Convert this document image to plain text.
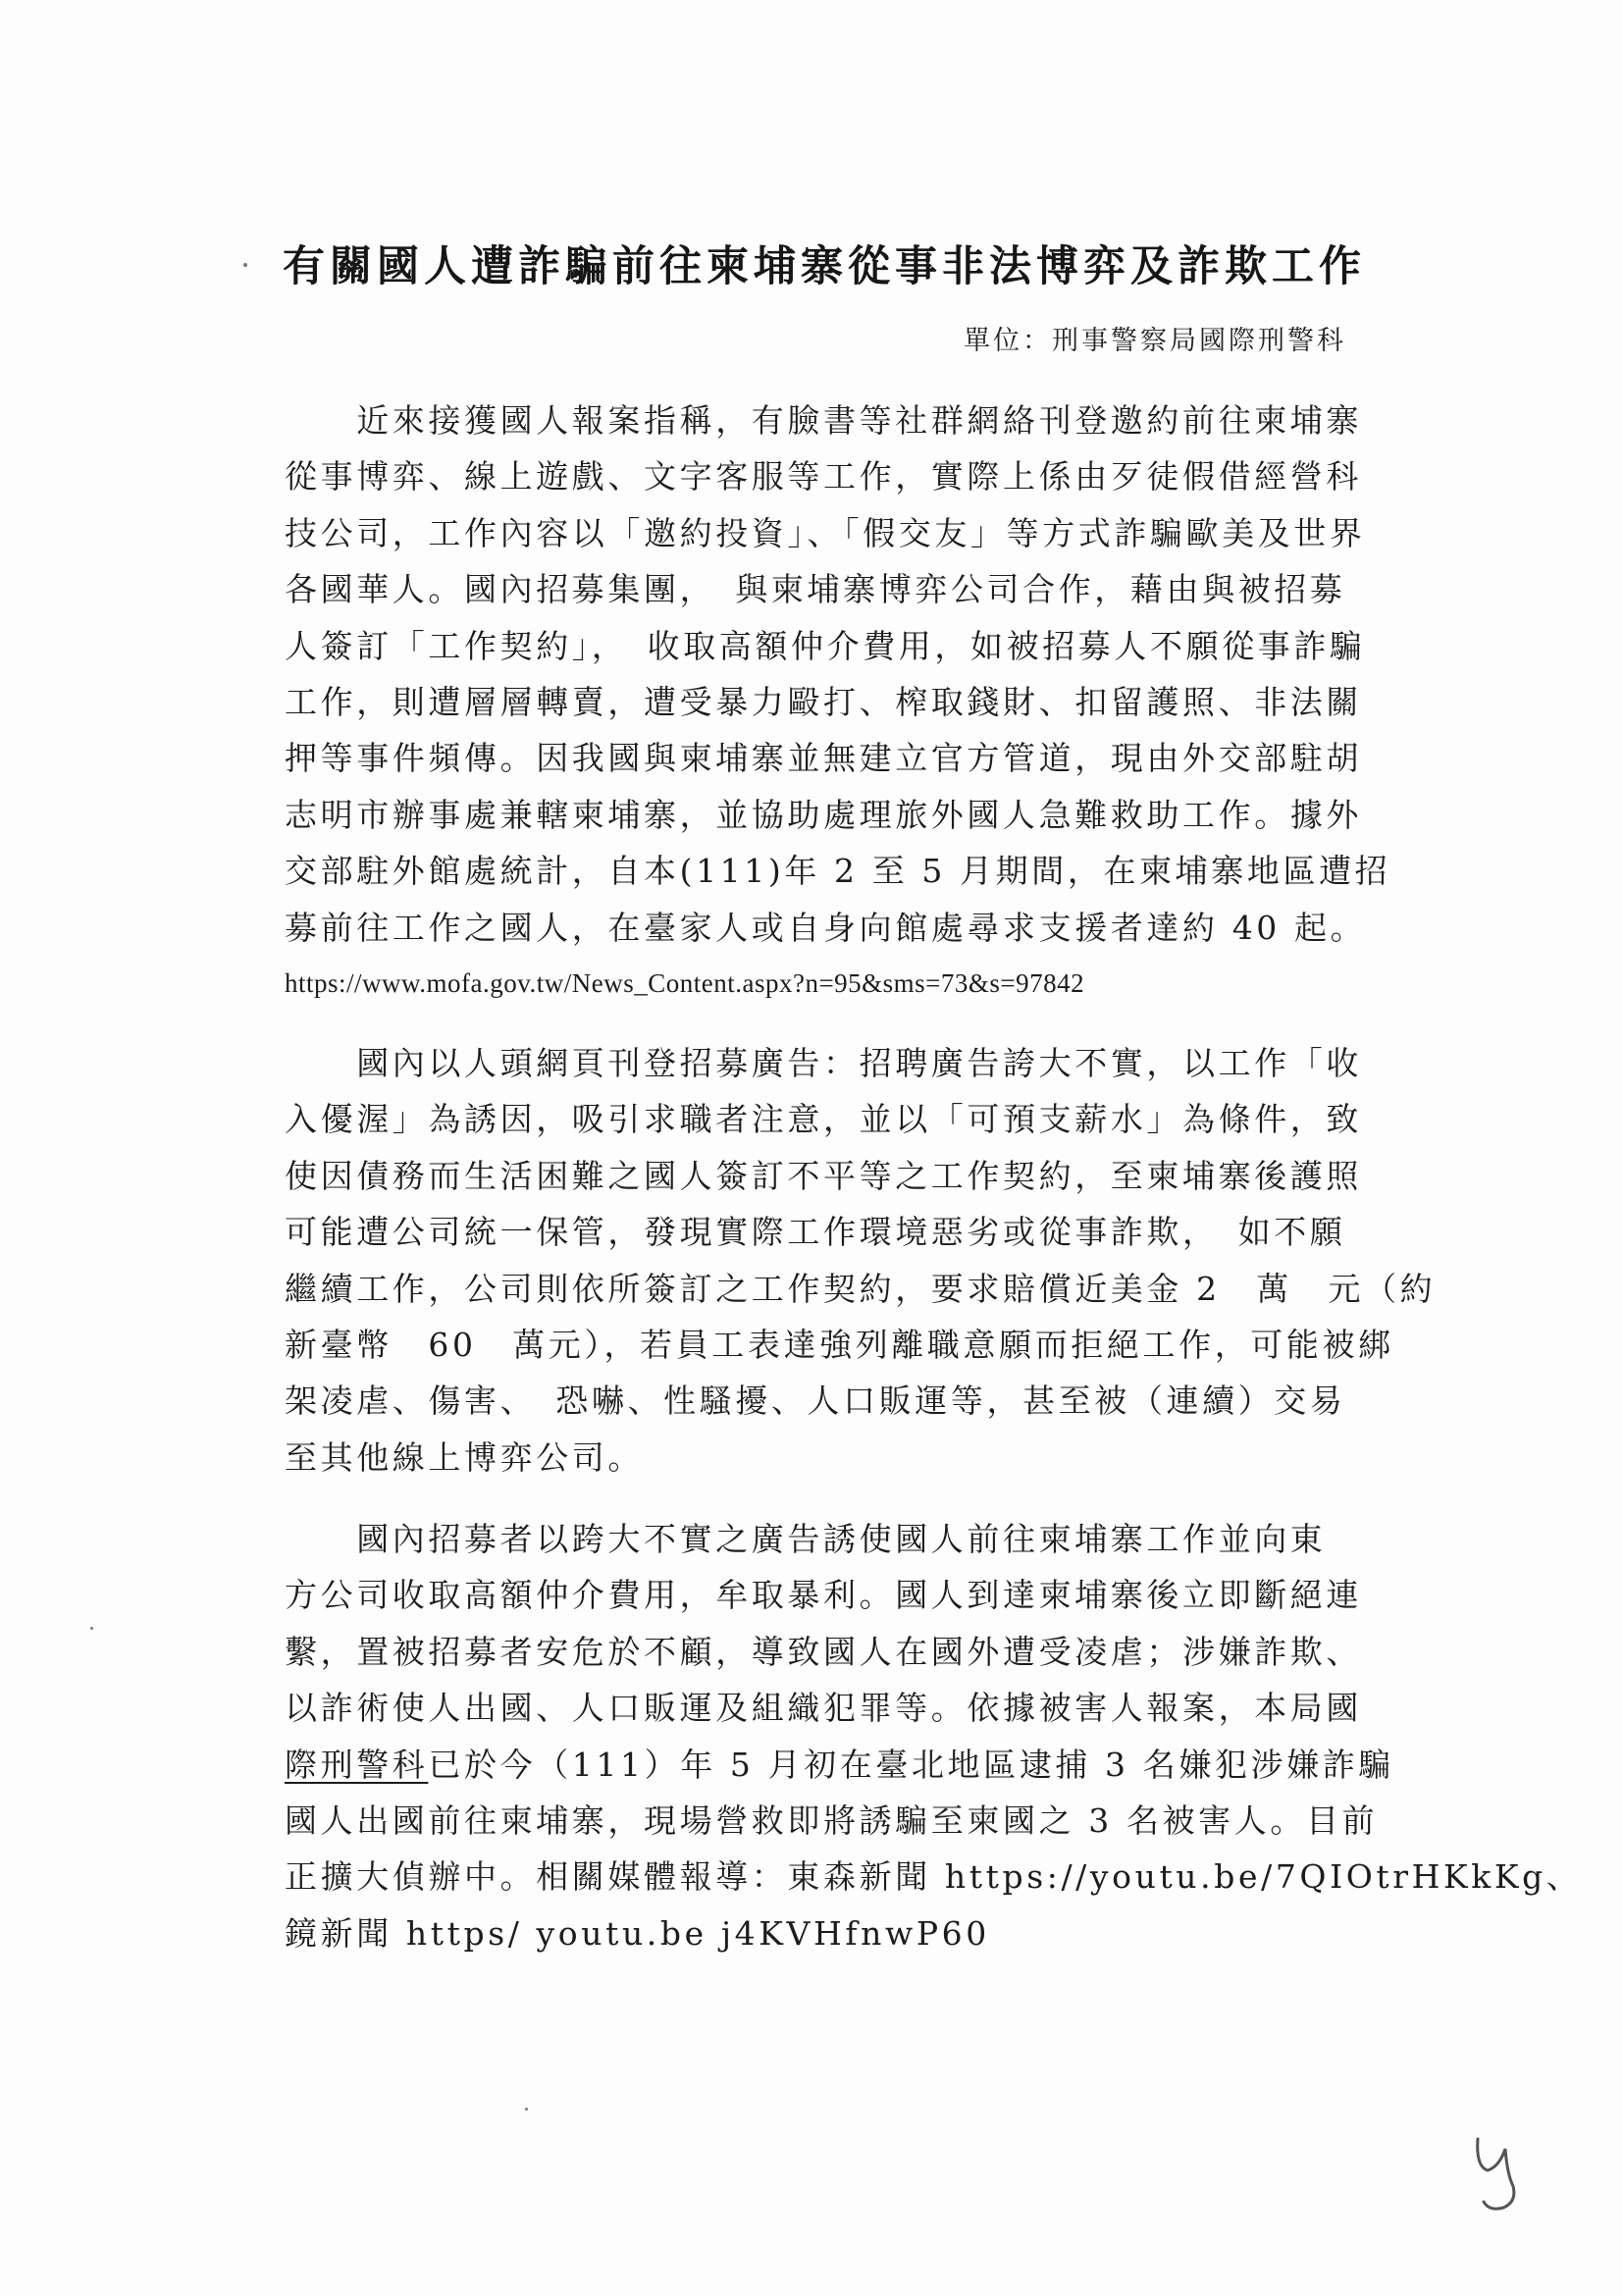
有關國人遭詐騙前往柬埔寨從事非法博弈及詐欺工作
單位：刑事警察局國際刑警科
　　近來接獲國人報案指稱，有臉書等社群網絡刊登邀約前往柬埔寨
從事博弈、線上遊戲、文字客服等工作，實際上係由歹徒假借經營科
技公司，工作內容以「邀約投資」、「假交友」等方式詐騙歐美及世界
各國華人。國內招募集團，　與柬埔寨博弈公司合作，藉由與被招募
人簽訂「工作契約」，　收取高額仲介費用，如被招募人不願從事詐騙
工作，則遭層層轉賣，遭受暴力毆打、榨取錢財、扣留護照、非法關
押等事件頻傳。因我國與柬埔寨並無建立官方管道，現由外交部駐胡
志明市辦事處兼轄柬埔寨，並協助處理旅外國人急難救助工作。據外
交部駐外館處統計，自本(111)年 2 至 5 月期間，在柬埔寨地區遭招
募前往工作之國人，在臺家人或自身向館處尋求支援者達約 40 起。
https://www.mofa.gov.tw/News_Content.aspx?n=95&sms=73&s=97842
　　國內以人頭網頁刊登招募廣告：招聘廣告誇大不實，以工作「收
入優渥」為誘因，吸引求職者注意，並以「可預支薪水」為條件，致
使因債務而生活困難之國人簽訂不平等之工作契約，至柬埔寨後護照
可能遭公司統一保管，發現實際工作環境惡劣或從事詐欺，　如不願
繼續工作，公司則依所簽訂之工作契約，要求賠償近美金 2　萬　元（約
新臺幣　60　萬元），若員工表達強列離職意願而拒絕工作，可能被綁
架凌虐、傷害、　恐嚇、性騷擾、人口販運等，甚至被（連續）交易
至其他線上博弈公司。
　　國內招募者以跨大不實之廣告誘使國人前往柬埔寨工作並向東
方公司收取高額仲介費用，牟取暴利。國人到達柬埔寨後立即斷絕連
繫，置被招募者安危於不顧，導致國人在國外遭受凌虐；涉嫌詐欺、
以詐術使人出國、人口販運及組織犯罪等。依據被害人報案，本局國
際刑警科已於今（111）年 5 月初在臺北地區逮捕 3 名嫌犯涉嫌詐騙
國人出國前往柬埔寨，現場營救即將誘騙至柬國之 3 名被害人。目前
正擴大偵辦中。相關媒體報導：東森新聞 https://youtu.be/7QIOtrHKkKg、
鏡新聞 https/ youtu.be j4KVHfnwP60
